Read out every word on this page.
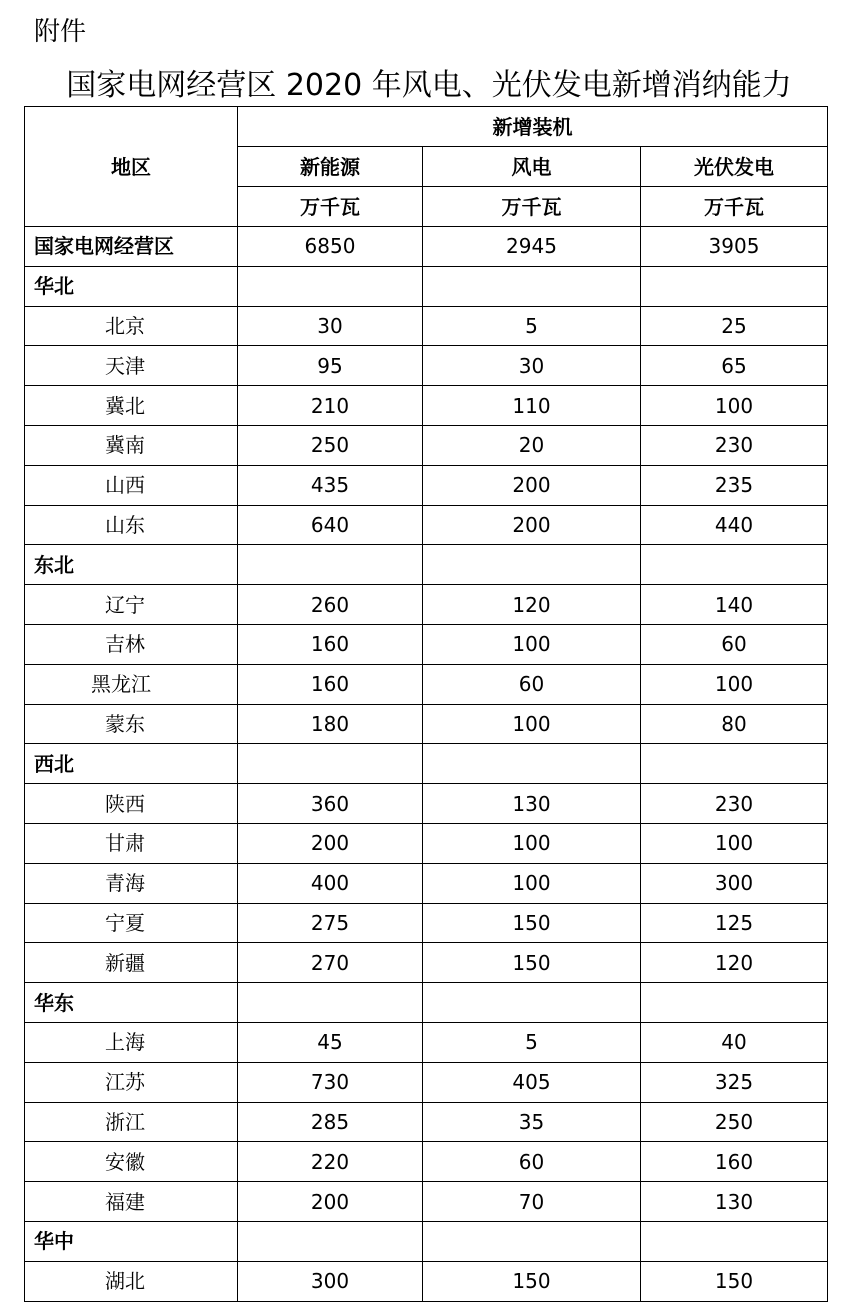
附件
国家电网经营区 2020 年风电、光伏发电新增消纳能力
地区	新增装机		
	新能源	风电	光伏发电
	万千瓦	万千瓦	万千瓦
国家电网经营区	6850	2945	3905
华北			
北京	30	5	25
天津	95	30	65
冀北	210	110	100
冀南	250	20	230
山西	435	200	235
山东	640	200	440
东北			
辽宁	260	120	140
吉林	160	100	60
黑龙江	160	60	100
蒙东	180	100	80
西北			
陕西	360	130	230
甘肃	200	100	100
青海	400	100	300
宁夏	275	150	125
新疆	270	150	120
华东			
上海	45	5	40
江苏	730	405	325
浙江	285	35	250
安徽	220	60	160
福建	200	70	130
华中			
湖北	300	150	150
